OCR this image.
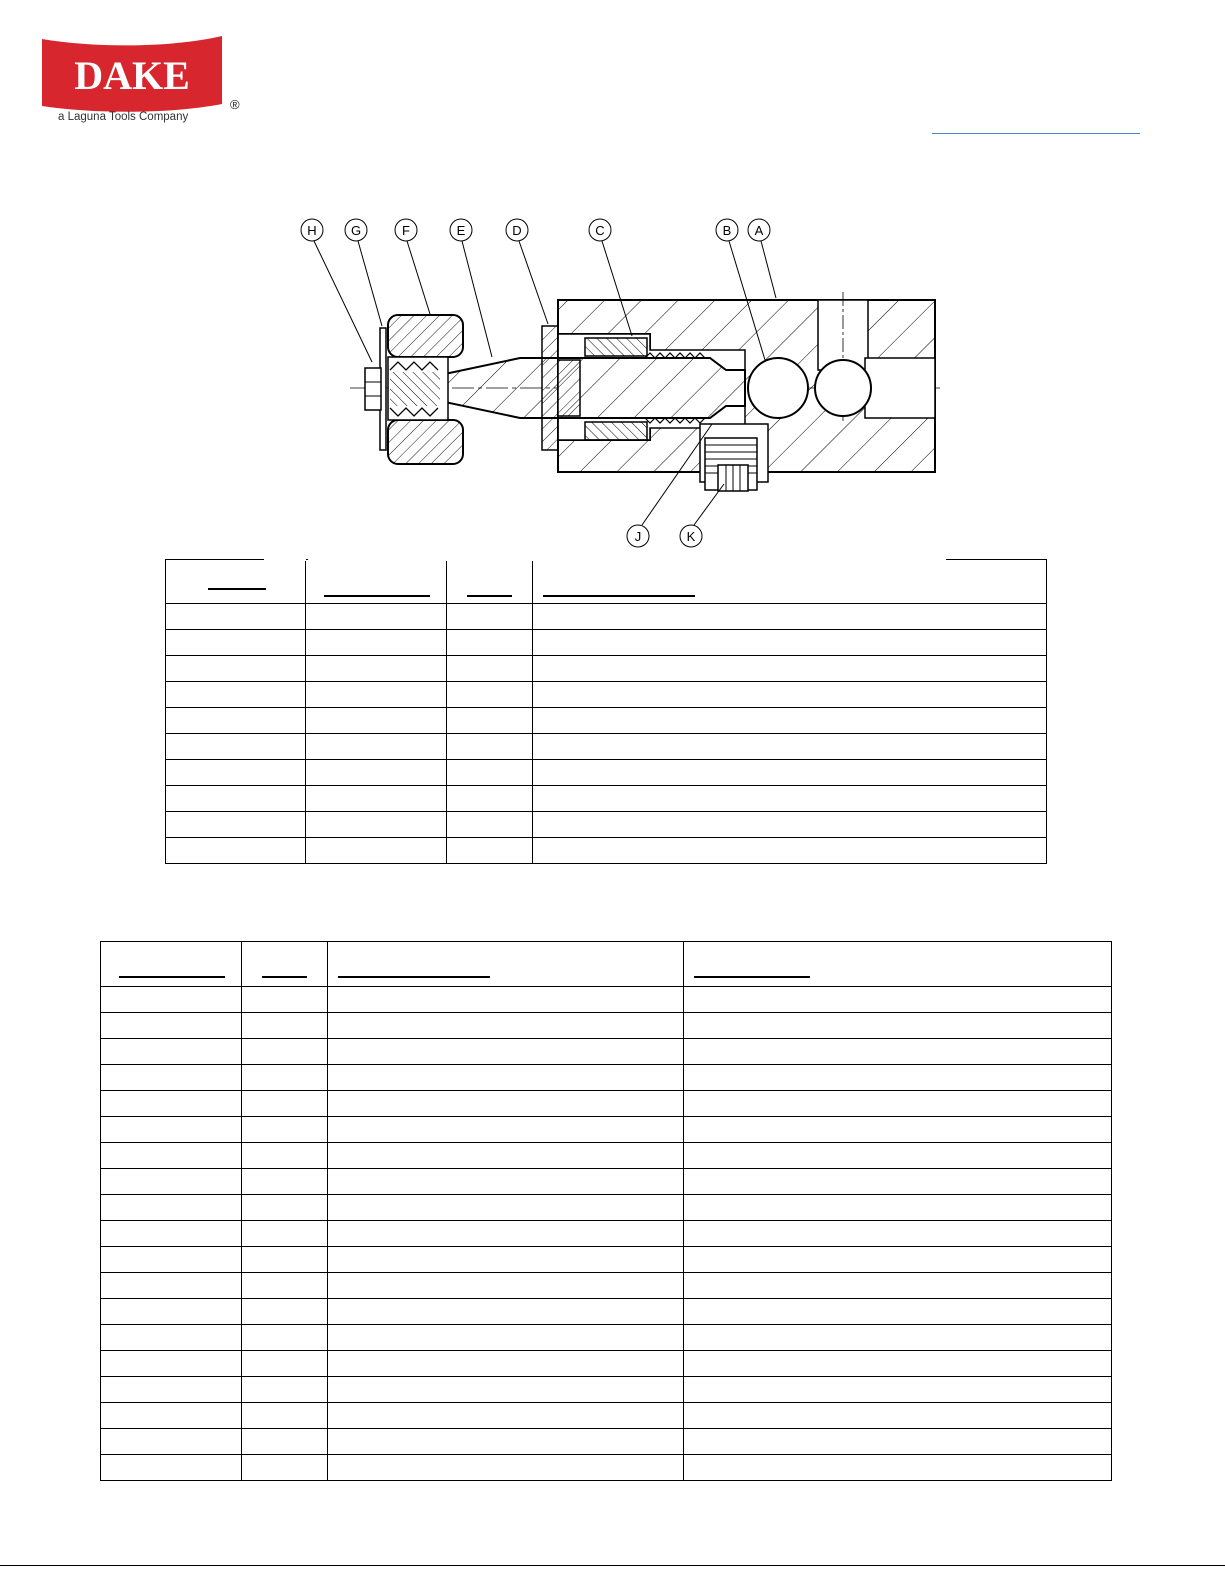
DAKE
®
a Laguna Tools Company
H	G	F	E	D	C	B A
J	K
